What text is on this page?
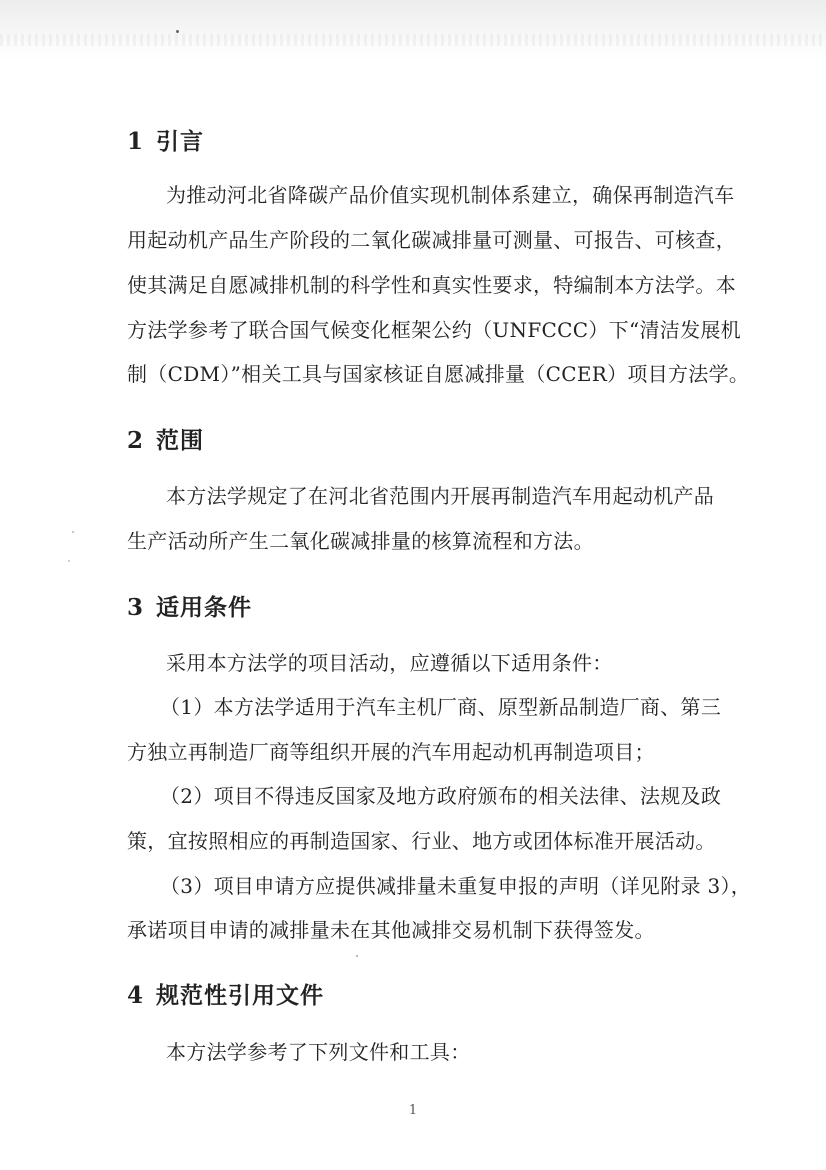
1 引言

为推动河北省降碳产品价值实现机制体系建立，确保再制造汽车

用起动机产品生产阶段的二氧化碳减排量可测量、可报告、可核查，

使其满足自愿减排机制的科学性和真实性要求，特编制本方法学。本

方法学参考了联合国气候变化框架公约（UNFCCC）下“清洁发展机

制（CDM）”相关工具与国家核证自愿减排量（CCER）项目方法学。

2 范围

本方法学规定了在河北省范围内开展再制造汽车用起动机产品

生产活动所产生二氧化碳减排量的核算流程和方法。

3 适用条件

采用本方法学的项目活动，应遵循以下适用条件：

（1）本方法学适用于汽车主机厂商、原型新品制造厂商、第三

方独立再制造厂商等组织开展的汽车用起动机再制造项目；

（2）项目不得违反国家及地方政府颁布的相关法律、法规及政

策，宜按照相应的再制造国家、行业、地方或团体标准开展活动。

（3）项目申请方应提供减排量未重复申报的声明（详见附录 3），

承诺项目申请的减排量未在其他减排交易机制下获得签发。

4 规范性引用文件

本方法学参考了下列文件和工具：

1
